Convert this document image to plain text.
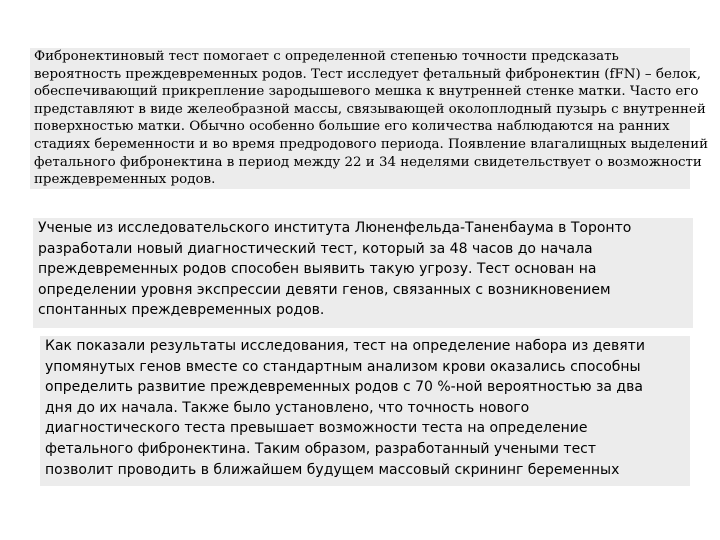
Фибронектиновый тест помогает с определенной степенью точности предсказать
вероятность преждевременных родов. Тест исследует фетальный фибронектин (fFN) – белок,
обеспечивающий прикрепление зародышевого мешка к внутренней стенке матки. Часто его
представляют в виде желеобразной массы, связывающей околоплодный пузырь с внутренней
поверхностью матки. Обычно особенно большие его количества наблюдаются на ранних
стадиях беременности и во время предродового периода. Появление влагалищных выделений
фетального фибронектина в период между 22 и 34 неделями свидетельствует о возможности
преждевременных родов.
Ученые из исследовательского института Люненфельда-Таненбаума в Торонто
разработали новый диагностический тест, который за 48 часов до начала
преждевременных родов способен выявить такую угрозу. Тест основан на
определении уровня экспрессии девяти генов, связанных с возникновением
спонтанных преждевременных родов.
Как показали результаты исследования, тест на определение набора из девяти
упомянутых генов вместе со стандартным анализом крови оказались способны
определить развитие преждевременных родов с 70 %-ной вероятностью за два
дня до их начала. Также было установлено, что точность нового
диагностического теста превышает возможности теста на определение
фетального фибронектина. Таким образом, разработанный учеными тест
позволит проводить в ближайшем будущем массовый скрининг беременных
